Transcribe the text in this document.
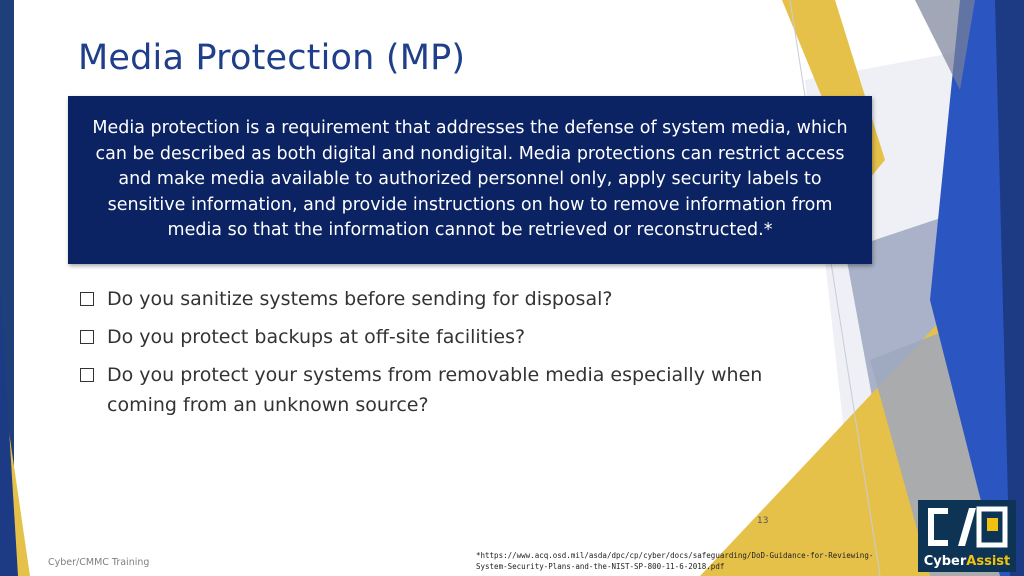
Media Protection (MP)

Media protection is a requirement that addresses the defense of system media, which can be described as both digital and nondigital. Media protections can restrict access and make media available to authorized personnel only, apply security labels to sensitive information, and provide instructions on how to remove information from media so that the information cannot be retrieved or reconstructed.*

Do you sanitize systems before sending for disposal?
Do you protect backups at off-site facilities?
Do you protect your systems from removable media especially when coming from an unknown source?
13
Cyber/CMMC Training

*https://www.acq.osd.mil/asda/dpc/cp/cyber/docs/safeguarding/DoD-Guidance-for-Reviewing-System-Security-Plans-and-the-NIST-SP-800-11-6-2018.pdf	CyberAssist
